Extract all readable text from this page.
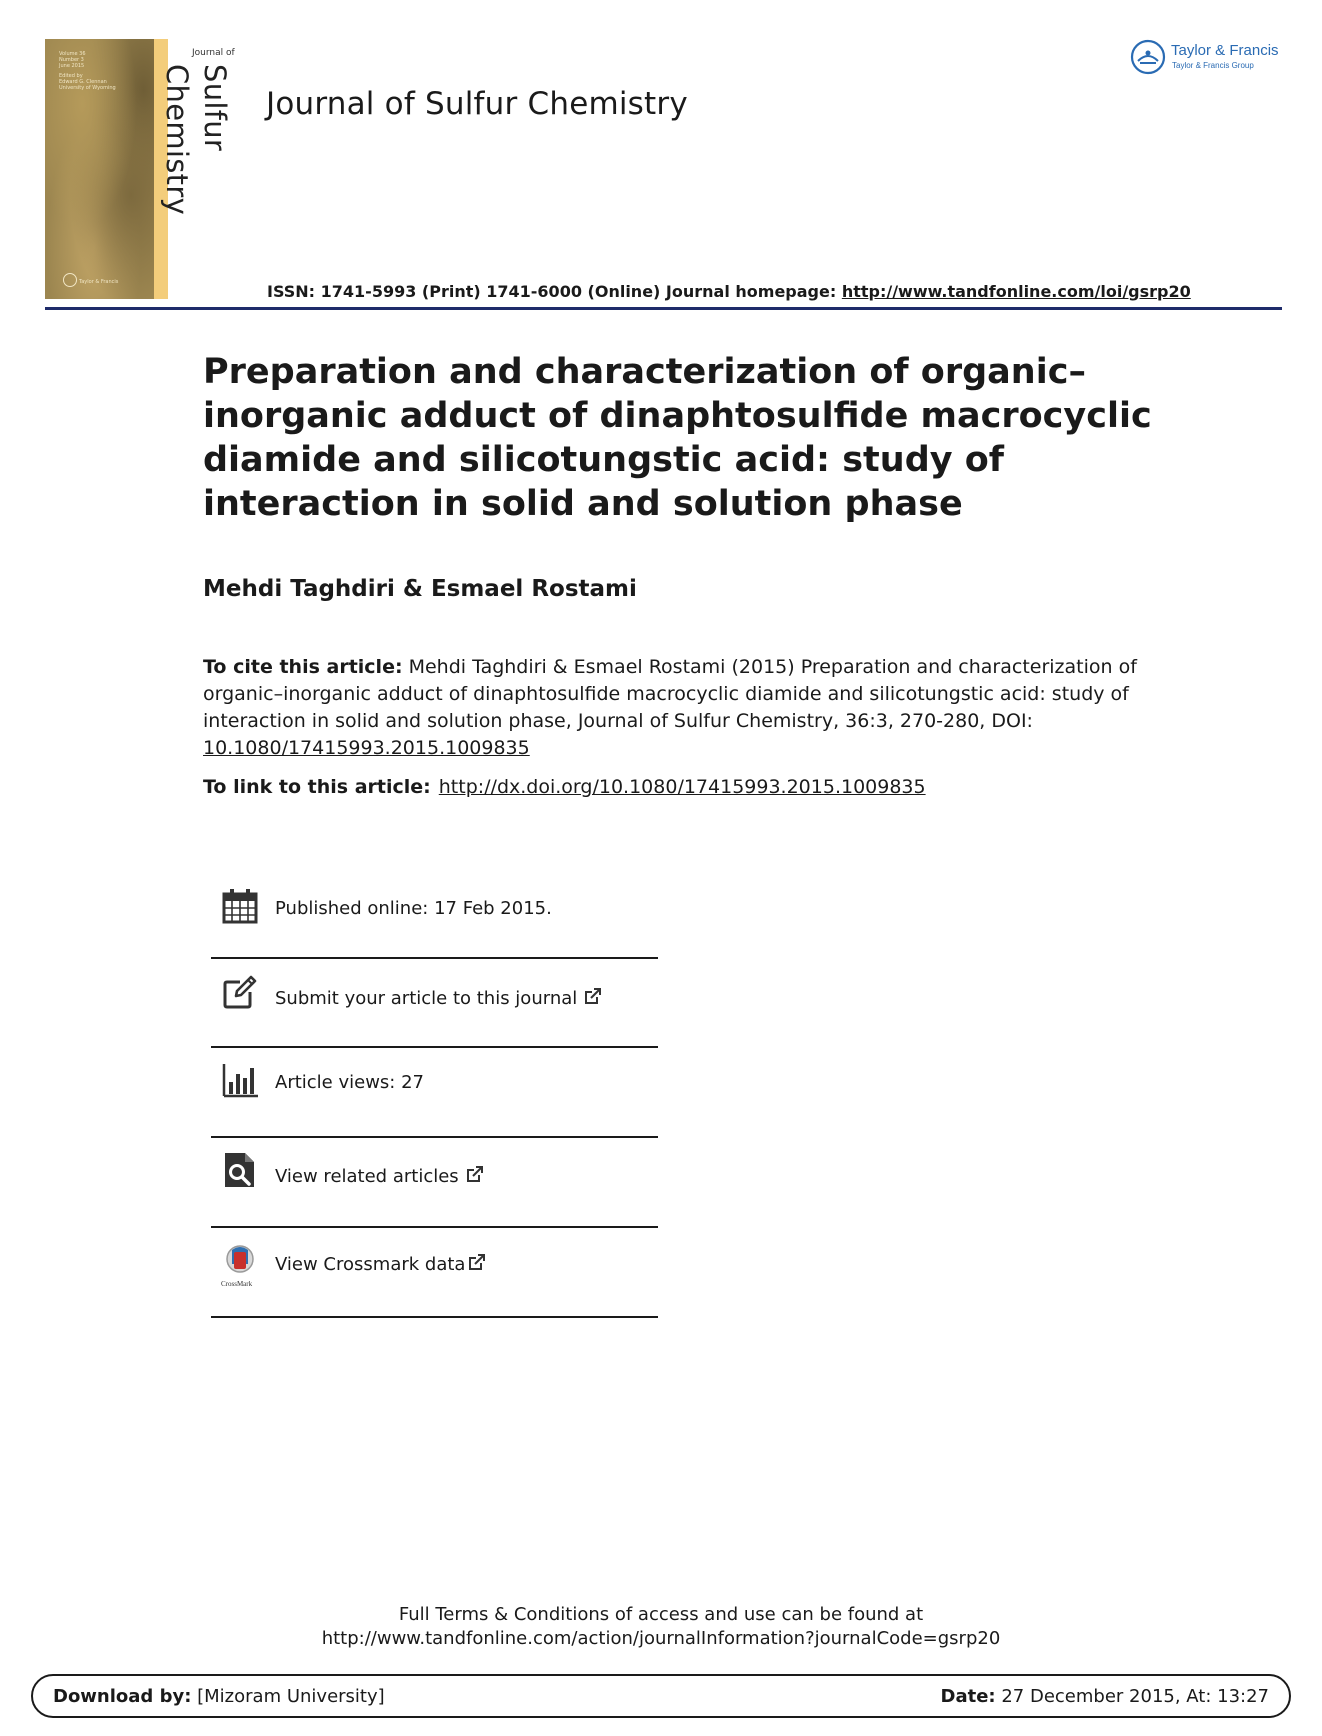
Volume 36
Number 3
June 2015
Edited by
Edward G. Clennan
University of Wyoming
Taylor & Francis
Journal of
Sulfur Chemistry	Journal of Sulfur Chemistry
Taylor & Francis
Taylor & Francis Group
ISSN: 1741-5993 (Print) 1741-6000 (Online) Journal homepage: http://www.tandfonline.com/loi/gsrp20
Preparation and characterization of organic–inorganic adduct of dinaphtosulfide macrocyclic diamide and silicotungstic acid: study of interaction in solid and solution phase
Mehdi Taghdiri & Esmael Rostami
To cite this article: Mehdi Taghdiri & Esmael Rostami (2015) Preparation and characterization of organic–inorganic adduct of dinaphtosulfide macrocyclic diamide and silicotungstic acid: study of interaction in solid and solution phase, Journal of Sulfur Chemistry, 36:3, 270-280, DOI: 10.1080/17415993.2015.1009835
To link to this article: http://dx.doi.org/10.1080/17415993.2015.1009835
Published online: 17 Feb 2015.
Submit your article to this journal
Article views: 27
View related articles
CrossMark
View Crossmark data
Full Terms & Conditions of access and use can be found at
http://www.tandfonline.com/action/journalInformation?journalCode=gsrp20
Download by: [Mizoram University]	Date: 27 December 2015, At: 13:27
